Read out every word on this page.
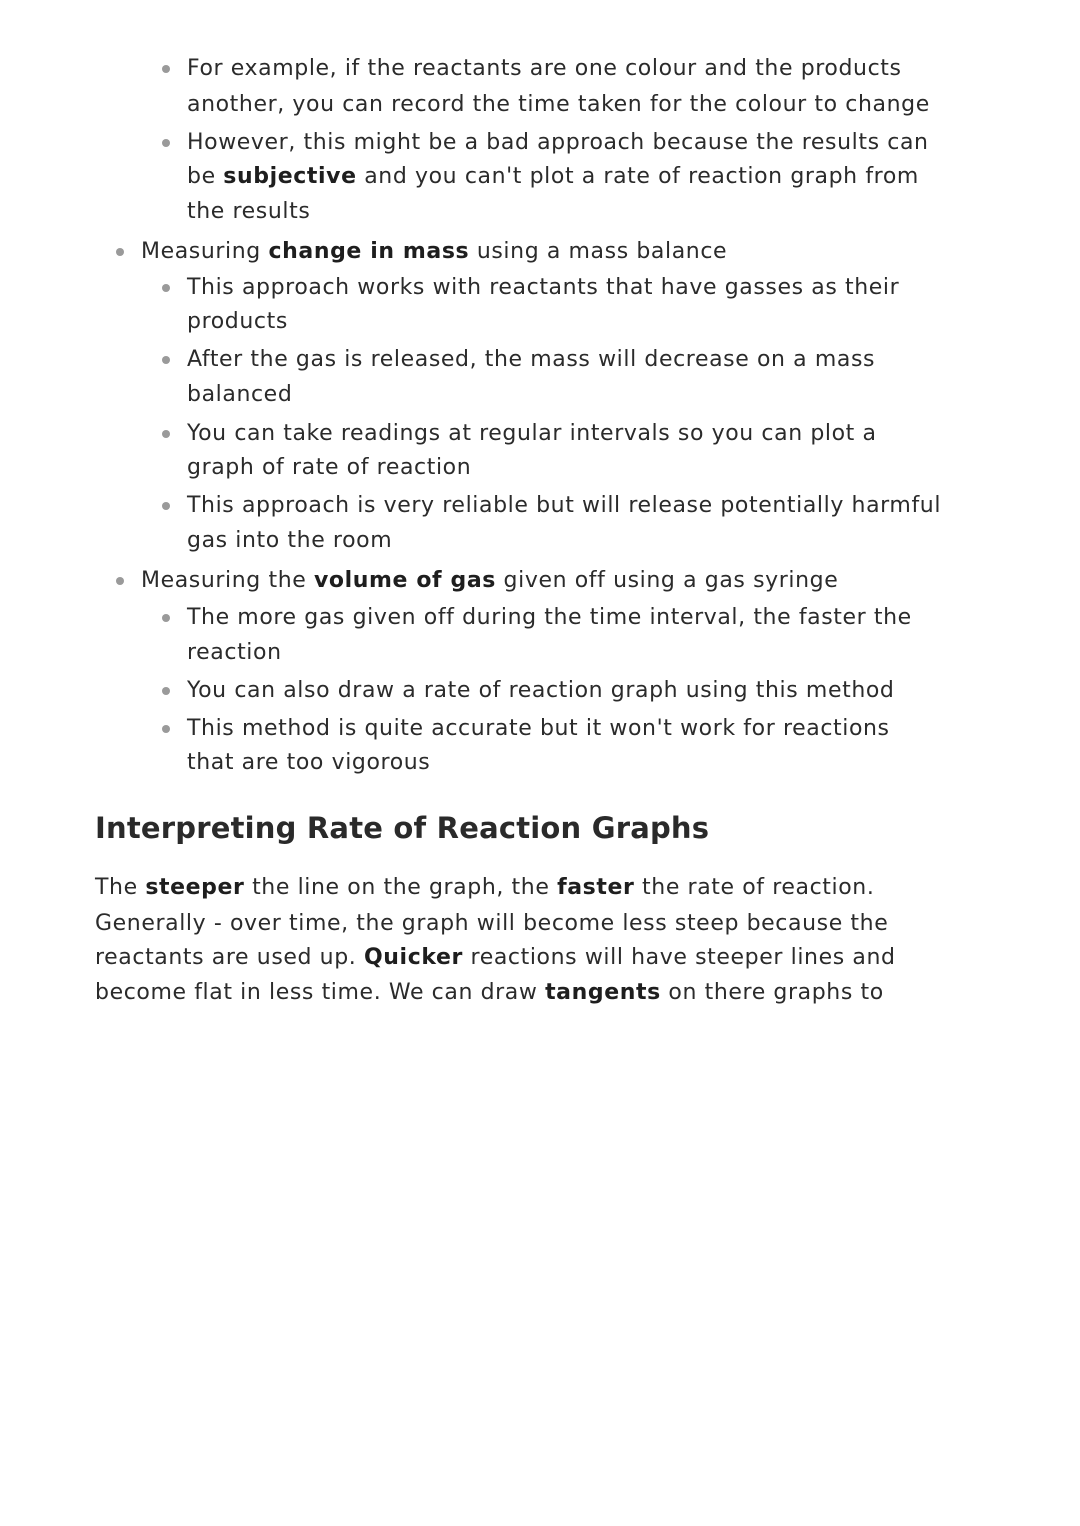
For example, if the reactants are one colour and the products
another, you can record the time taken for the colour to change
However, this might be a bad approach because the results can
be subjective and you can't plot a rate of reaction graph from
the results
Measuring change in mass using a mass balance
This approach works with reactants that have gasses as their
products
After the gas is released, the mass will decrease on a mass
balanced
You can take readings at regular intervals so you can plot a
graph of rate of reaction
This approach is very reliable but will release potentially harmful
gas into the room
Measuring the volume of gas given off using a gas syringe
The more gas given off during the time interval, the faster the
reaction
You can also draw a rate of reaction graph using this method
This method is quite accurate but it won't work for reactions
that are too vigorous
Interpreting Rate of Reaction Graphs
The steeper the line on the graph, the faster the rate of reaction.
Generally - over time, the graph will become less steep because the
reactants are used up. Quicker reactions will have steeper lines and
become flat in less time. We can draw tangents on there graphs to
